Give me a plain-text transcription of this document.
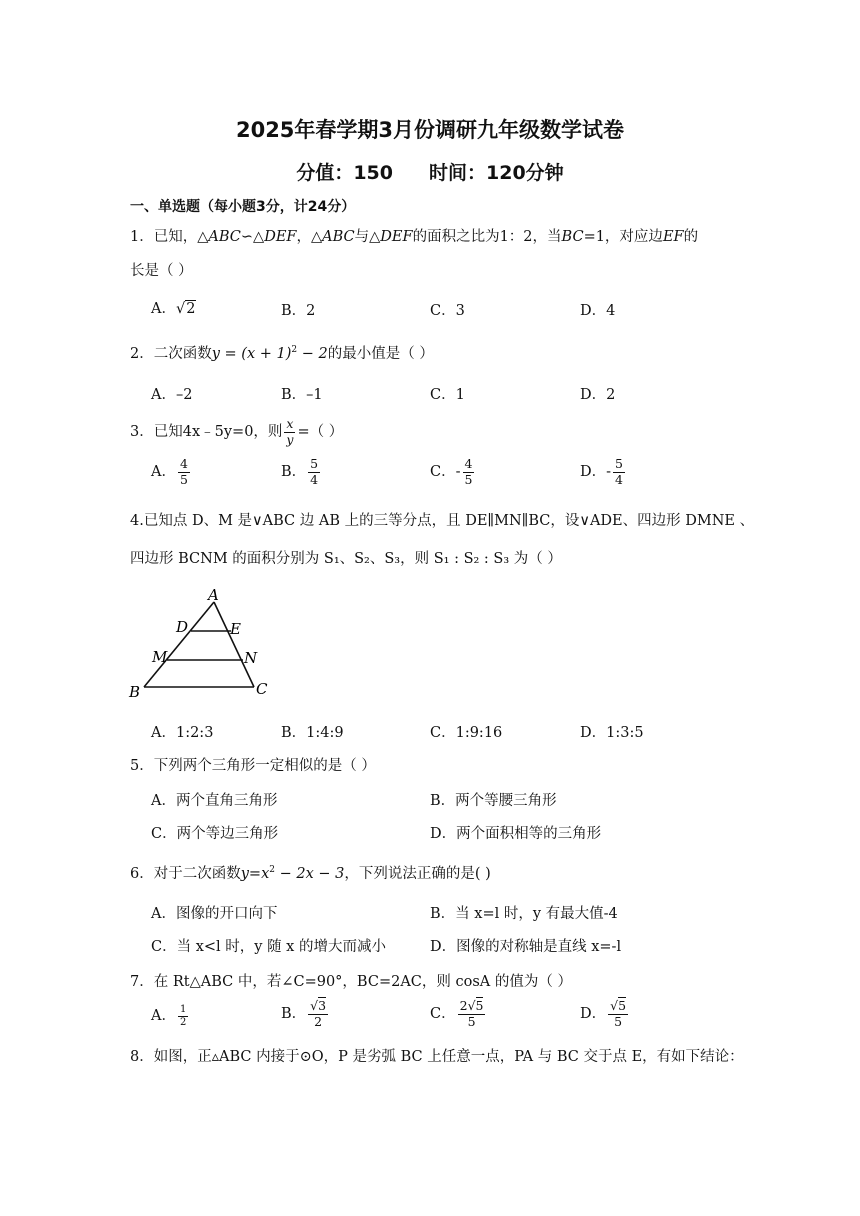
2025年春学期3月份调研九年级数学试卷
分值：150 时间：120分钟
一、单选题（每小题3分，计24分）
1．已知，△ABC∽△DEF，△ABC与△DEF的面积之比为1：2，当BC=1，对应边EF的
长是（ ）
A．√2	B．2	C．3	D．4
2．二次函数$y = (x + 1)^2 - 2$的最小值是（ ）
A．–2	B．–1	C．1	D．2
3．已知4x﹣5y=0，则 $\frac{x}{y}$ =（ ）
A． $\frac{4}{5}$	B． $\frac{5}{4}$	C．- $\frac{4}{5}$	D．- $\frac{5}{4}$
4.已知点 D、M 是∨ABC 边 AB 上的三等分点，且 DE∥MN∥BC，设∨ADE、四边形 DMNE 、
四边形 BCNM 的面积分别为 S₁、S₂、S₃，则 S₁ : S₂ : S₃ 为（ ）
A
D	E
M	N
B	C
A．1:2:3	B．1:4:9	C．1:9:16	D．1:3:5
5．下列两个三角形一定相似的是（ ）
A．两个直角三角形	B．两个等腰三角形
C．两个等边三角形	D．两个面积相等的三角形
6．对于二次函数$y=x^2 - 2x - 3$，下列说法正确的是( )
A．图像的开口向下	B．当 x=l 时，y 有最大值-4
C．当 x<l 时，y 随 x 的增大而减小	D．图像的对称轴是直线 x=-l
7．在 Rt△ABC 中，若∠C=90°，BC=2AC，则 cosA 的值为（ ）
A． $\frac{1}{2}$	B． $\frac{√3}{2}$	C． $\frac{2√5}{5}$	D． $\frac{√5}{5}$
8．如图，正▵ABC 内接于⊙O，P 是劣弧 BC 上任意一点，PA 与 BC 交于点 E，有如下结论：
